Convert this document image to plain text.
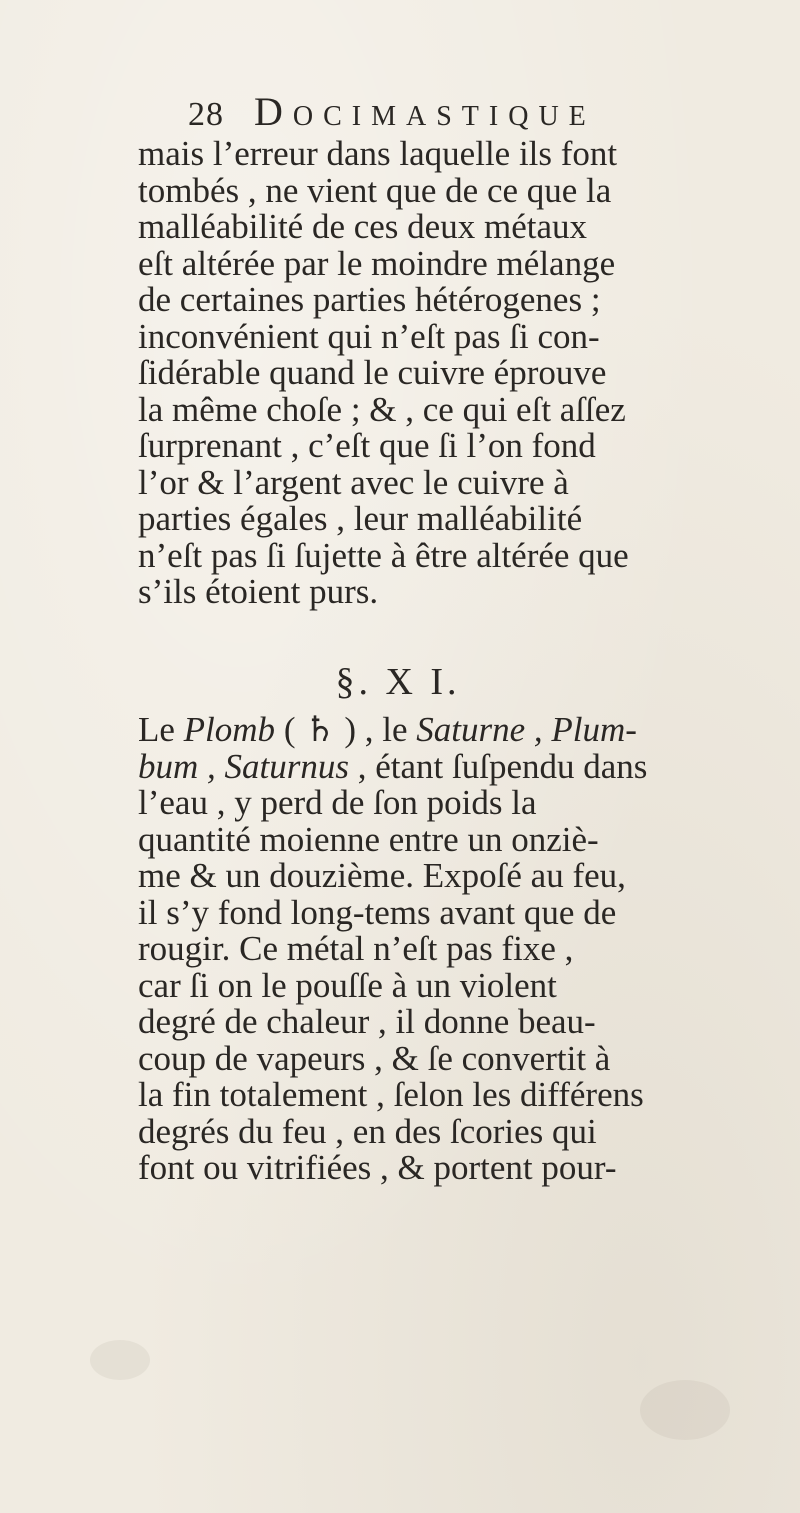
28 Docimastique
mais l’erreur dans laquelle ils font
tombés , ne vient que de ce que la
malléabilité de ces deux métaux
eſt altérée par le moindre mélange
de certaines parties hétérogenes ;
inconvénient qui n’eſt pas ſi con-
ſidérable quand le cuivre éprouve
la même choſe ; & , ce qui eſt aſſez
ſurprenant , c’eſt que ſi l’on fond
l’or & l’argent avec le cuivre à
parties égales , leur malléabilité
n’eſt pas ſi ſujette à être altérée que
s’ils étoient purs.
§. X I.
Le Plomb ( ♄ ) , le Saturne , Plum-
bum , Saturnus , étant ſuſpendu dans
l’eau , y perd de ſon poids la
quantité moienne entre un onziè-
me & un douzième. Expoſé au feu,
il s’y fond long-tems avant que de
rougir. Ce métal n’eſt pas fixe ,
car ſi on le pouſſe à un violent
degré de chaleur , il donne beau-
coup de vapeurs , & ſe convertit à
la fin totalement , ſelon les différens
degrés du feu , en des ſcories qui
font ou vitrifiées , & portent pour-
